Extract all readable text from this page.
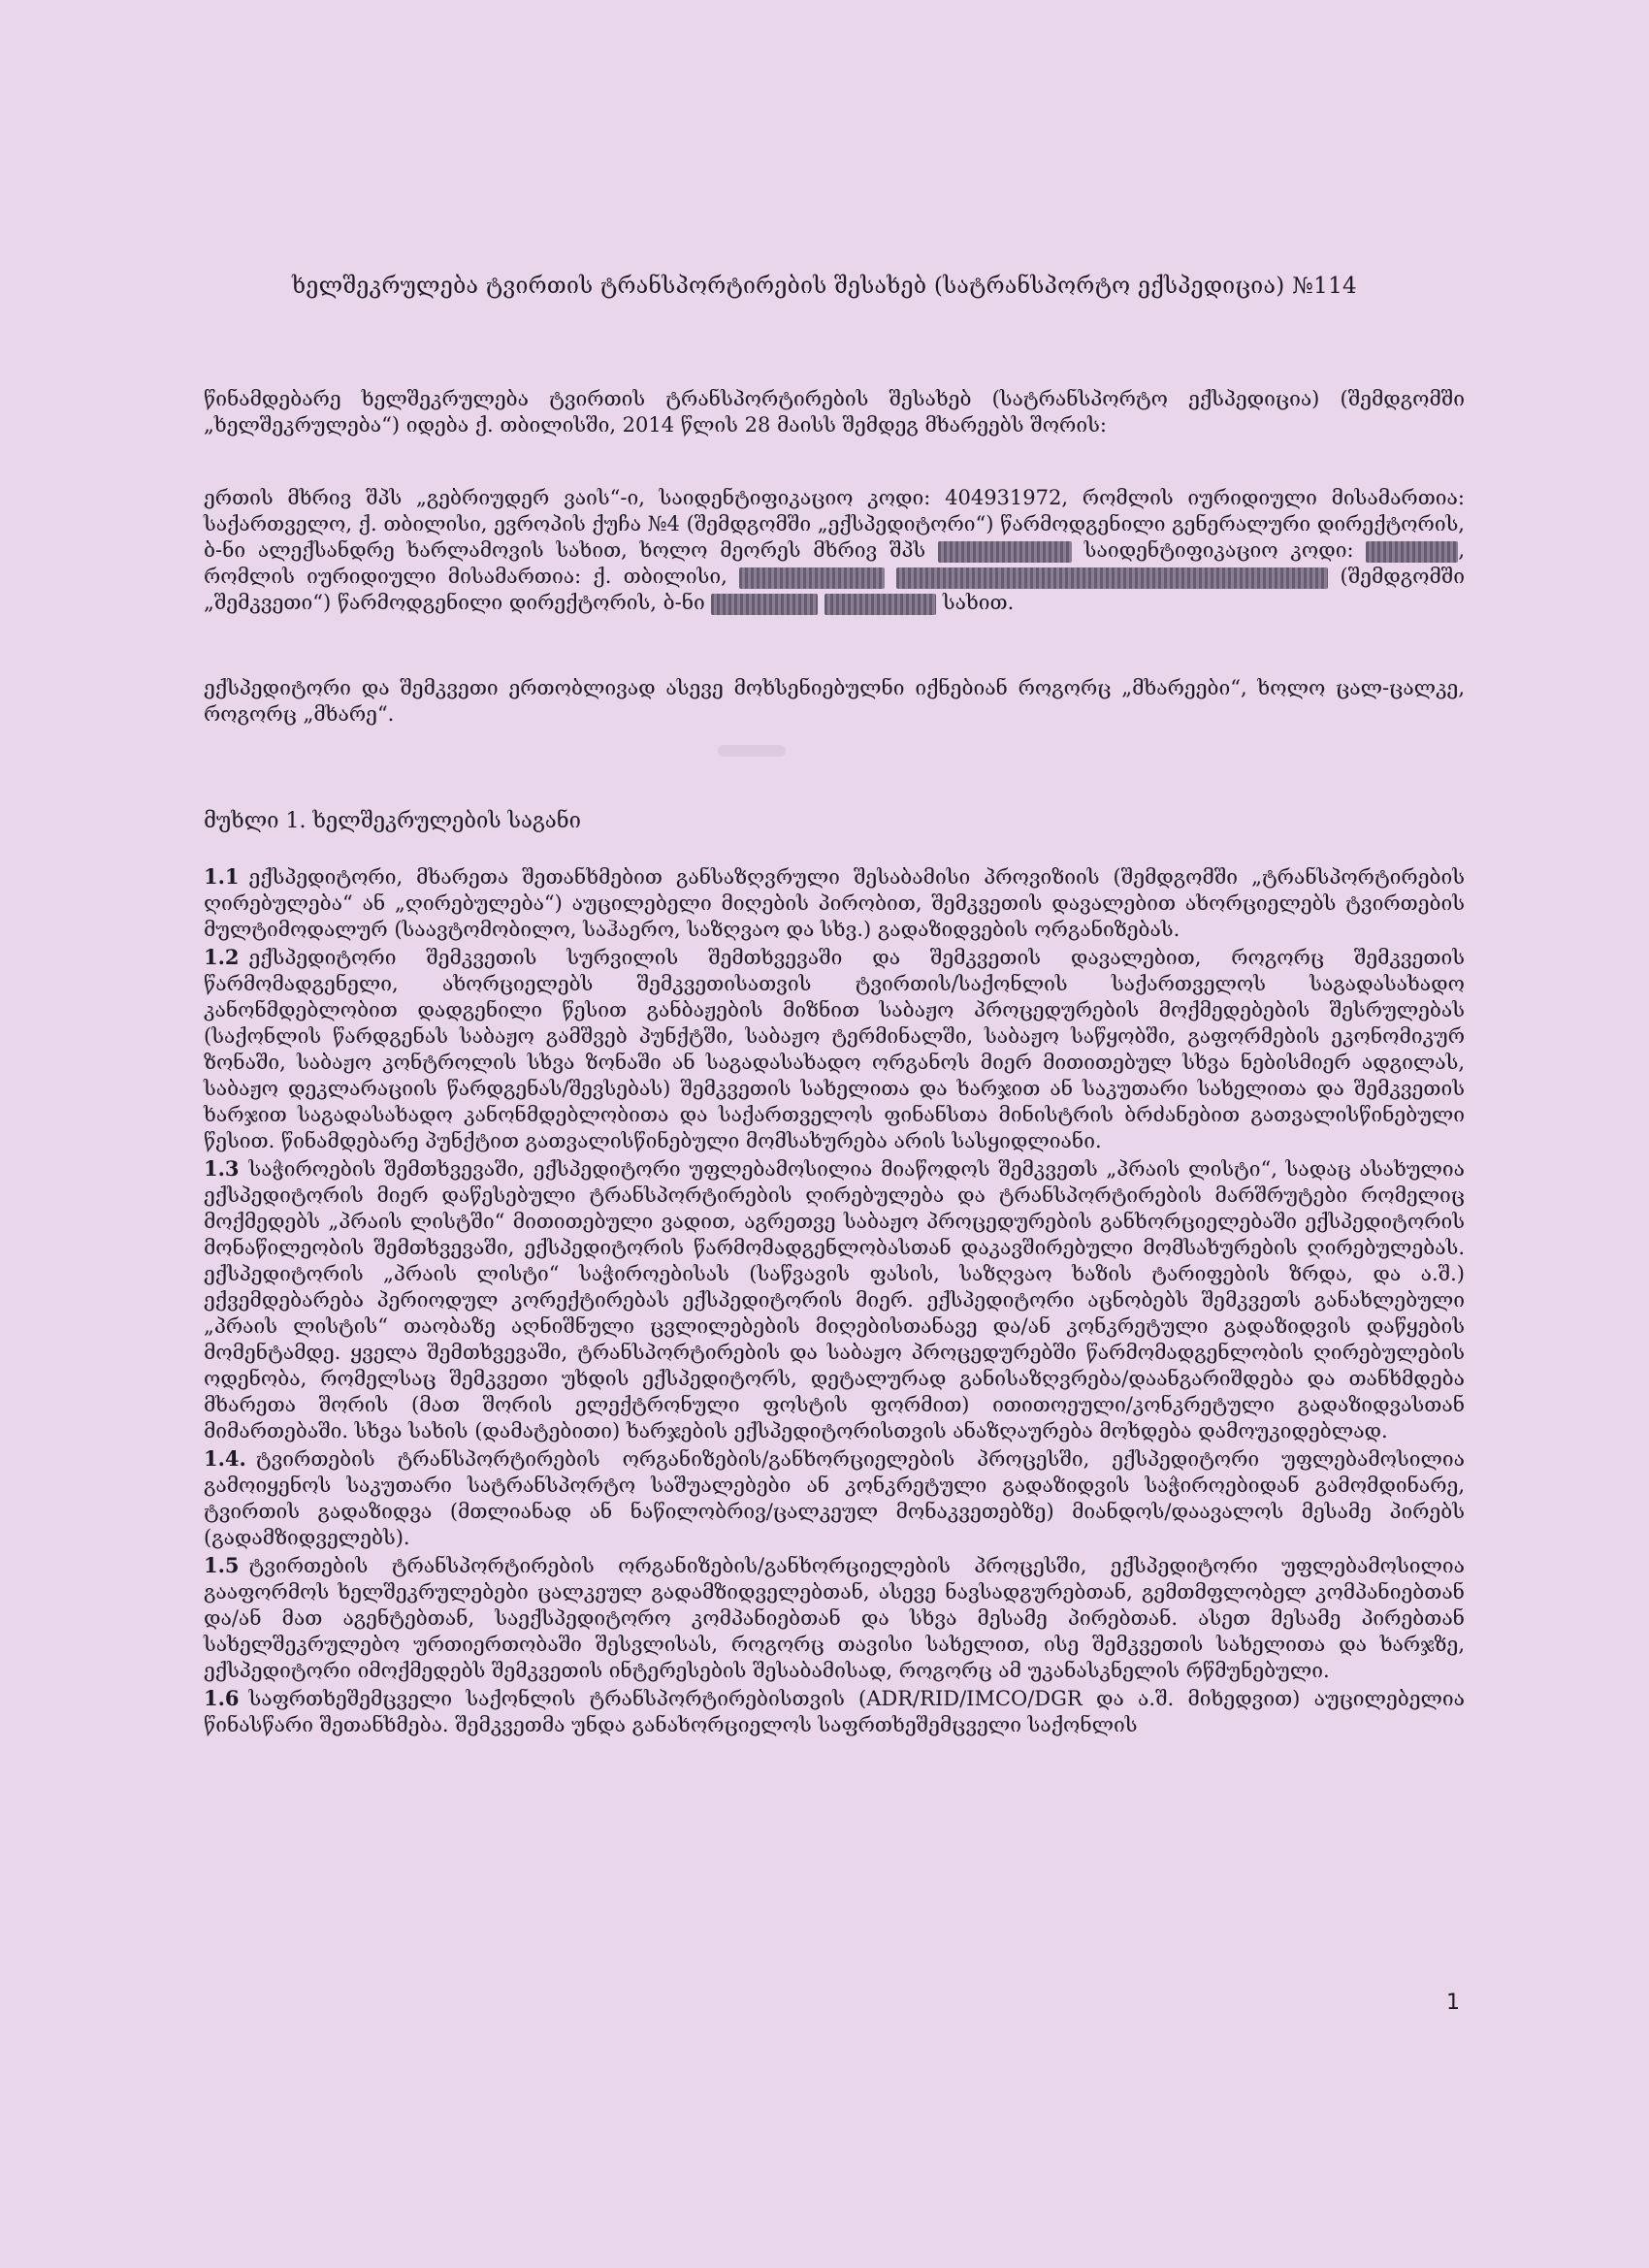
ხელშეკრულება ტვირთის ტრანსპორტირების შესახებ (სატრანსპორტო ექსპედიცია) №114
წინამდებარე ხელშეკრულება ტვირთის ტრანსპორტირების შესახებ (სატრანსპორტო ექსპედიცია) (შემდგომში „ხელშეკრულება“) იდება ქ. თბილისში, 2014 წლის 28 მაისს შემდეგ მხარეებს შორის:
ერთის მხრივ შპს „გებრიუდერ ვაის“-ი, საიდენტიფიკაციო კოდი: 404931972, რომლის იურიდიული მისამართია: საქართველო, ქ. თბილისი, ევროპის ქუჩა №4 (შემდგომში „ექსპედიტორი“) წარმოდგენილი გენერალური დირექტორის, ბ-ნი ალექსანდრე ხარლამოვის სახით, ხოლო მეორეს მხრივ შპს	საიდენტიფიკაციო კოდი:	, რომლის იურიდიული მისამართია: ქ. თბილისი,	(შემდგომში „შემკვეთი“) წარმოდგენილი დირექტორის, ბ-ნი	სახით.
ექსპედიტორი და შემკვეთი ერთობლივად ასევე მოხსენიებულნი იქნებიან როგორც „მხარეები“, ხოლო ცალ-ცალკე, როგორც „მხარე“.
მუხლი 1. ხელშეკრულების საგანი

1.1 ექსპედიტორი, მხარეთა შეთანხმებით განსაზღვრული შესაბამისი პროვიზიის (შემდგომში „ტრანსპორტირების ღირებულება“ ან „ღირებულება“) აუცილებელი მიღების პირობით, შემკვეთის დავალებით ახორციელებს ტვირთების მულტიმოდალურ (საავტომობილო, საჰაერო, საზღვაო და სხვ.) გადაზიდვების ორგანიზებას.

1.2 ექსპედიტორი შემკვეთის სურვილის შემთხვევაში და შემკვეთის დავალებით, როგორც შემკვეთის წარმომადგენელი, ახორციელებს შემკვეთისათვის ტვირთის/საქონლის საქართველოს საგადასახადო კანონმდებლობით დადგენილი წესით განბაჟების მიზნით საბაჟო პროცედურების მოქმედებების შესრულებას (საქონლის წარდგენას საბაჟო გამშვებ პუნქტში, საბაჟო ტერმინალში, საბაჟო საწყობში, გაფორმების ეკონომიკურ ზონაში, საბაჟო კონტროლის სხვა ზონაში ან საგადასახადო ორგანოს მიერ მითითებულ სხვა ნებისმიერ ადგილას, საბაჟო დეკლარაციის წარდგენას/შევსებას) შემკვეთის სახელითა და ხარჯით ან საკუთარი სახელითა და შემკვეთის ხარჯით საგადასახადო კანონმდებლობითა და საქართველოს ფინანსთა მინისტრის ბრძანებით გათვალისწინებული წესით. წინამდებარე პუნქტით გათვალისწინებული მომსახურება არის სასყიდლიანი.

1.3 საჭიროების შემთხვევაში, ექსპედიტორი უფლებამოსილია მიაწოდოს შემკვეთს „პრაის ლისტი“, სადაც ასახულია ექსპედიტორის მიერ დაწესებული ტრანსპორტირების ღირებულება და ტრანსპორტირების მარშრუტები რომელიც მოქმედებს „პრაის ლისტში“ მითითებული ვადით, აგრეთვე საბაჟო პროცედურების განხორციელებაში ექსპედიტორის მონაწილეობის შემთხვევაში, ექსპედიტორის წარმომადგენლობასთან დაკავშირებული მომსახურების ღირებულებას. ექსპედიტორის „პრაის ლისტი“ საჭიროებისას (საწვავის ფასის, საზღვაო ხაზის ტარიფების ზრდა, და ა.შ.) ექვემდებარება პერიოდულ კორექტირებას ექსპედიტორის მიერ. ექსპედიტორი აცნობებს შემკვეთს განახლებული „პრაის ლისტის“ თაობაზე აღნიშნული ცვლილებების მიღებისთანავე და/ან კონკრეტული გადაზიდვის დაწყების მომენტამდე. ყველა შემთხვევაში, ტრანსპორტირების და საბაჟო პროცედურებში წარმომადგენლობის ღირებულების ოდენობა, რომელსაც შემკვეთი უხდის ექსპედიტორს, დეტალურად განისაზღვრება/დაანგარიშდება და თანხმდება მხარეთა შორის (მათ შორის ელექტრონული ფოსტის ფორმით) ითითოეული/კონკრეტული გადაზიდვასთან მიმართებაში. სხვა სახის (დამატებითი) ხარჯების ექსპედიტორისთვის ანაზღაურება მოხდება დამოუკიდებლად.

1.4. ტვირთების ტრანსპორტირების ორგანიზების/განხორციელების პროცესში, ექსპედიტორი უფლებამოსილია გამოიყენოს საკუთარი სატრანსპორტო საშუალებები ან კონკრეტული გადაზიდვის საჭიროებიდან გამომდინარე, ტვირთის გადაზიდვა (მთლიანად ან ნაწილობრივ/ცალკეულ მონაკვეთებზე) მიანდოს/დაავალოს მესამე პირებს (გადამზიდველებს).

1.5 ტვირთების ტრანსპორტირების ორგანიზების/განხორციელების პროცესში, ექსპედიტორი უფლებამოსილია გააფორმოს ხელშეკრულებები ცალკეულ გადამზიდველებთან, ასევე ნავსადგურებთან, გემთმფლობელ კომპანიებთან და/ან მათ აგენტებთან, საექსპედიტორო კომპანიებთან და სხვა მესამე პირებთან. ასეთ მესამე პირებთან სახელშეკრულებო ურთიერთობაში შესვლისას, როგორც თავისი სახელით, ისე შემკვეთის სახელითა და ხარჯზე, ექსპედიტორი იმოქმედებს შემკვეთის ინტერესების შესაბამისად, როგორც ამ უკანასკნელის რწმუნებული.

1.6 საფრთხეშემცველი საქონლის ტრანსპორტირებისთვის (ADR/RID/IMCO/DGR და ა.შ. მიხედვით) აუცილებელია წინასწარი შეთანხმება. შემკვეთმა უნდა განახორციელოს საფრთხეშემცველი საქონლის

1
